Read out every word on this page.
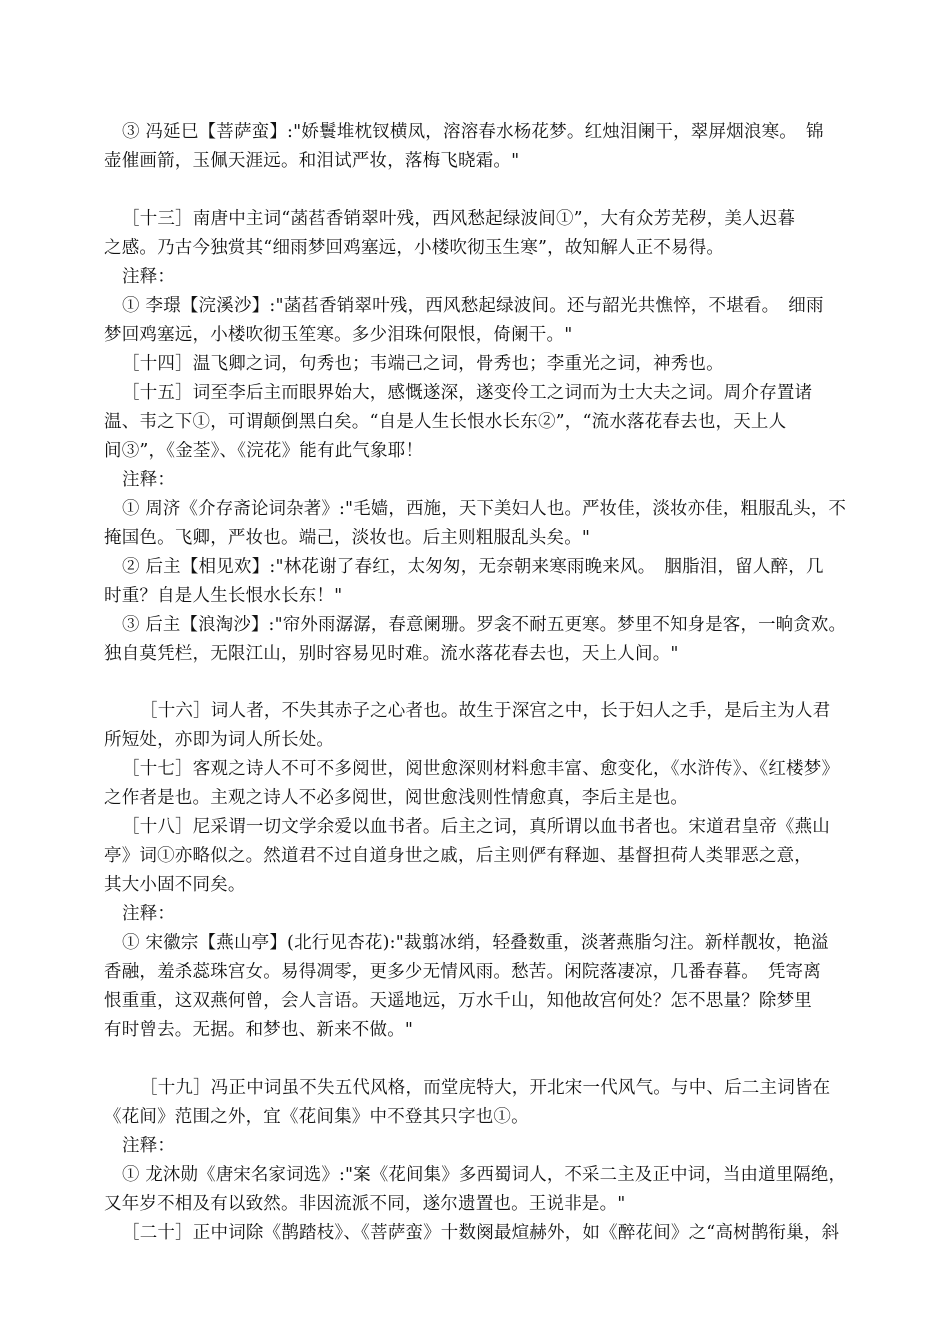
③ 冯延巳【菩萨蛮】:"娇鬟堆枕钗横凤，溶溶春水杨花梦。红烛泪阑干，翠屏烟浪寒。　锦
壶催画箭，玉佩天涯远。和泪试严妆，落梅飞晓霜。"
［十三］南唐中主词“菡萏香销翠叶残，西风愁起绿波间①”，大有众芳芜秽，美人迟暮
之感。乃古今独赏其“细雨梦回鸡塞远，小楼吹彻玉生寒”，故知解人正不易得。
注释：
① 李璟【浣溪沙】:"菡萏香销翠叶残，西风愁起绿波间。还与韶光共憔悴，不堪看。　细雨
梦回鸡塞远，小楼吹彻玉笙寒。多少泪珠何限恨，倚阑干。"
［十四］温飞卿之词，句秀也；韦端己之词，骨秀也；李重光之词，神秀也。
［十五］词至李后主而眼界始大，感慨遂深，遂变伶工之词而为士大夫之词。周介存置诸
温、韦之下①，可谓颠倒黑白矣。“自是人生长恨水长东②”，“流水落花春去也，天上人
间③”，《金荃》、《浣花》能有此气象耶！
注释：
① 周济《介存斋论词杂著》:"毛嫱，西施，天下美妇人也。严妆佳，淡妆亦佳，粗服乱头，不
掩国色。飞卿，严妆也。端己，淡妆也。后主则粗服乱头矣。"
② 后主【相见欢】:"林花谢了春红，太匆匆，无奈朝来寒雨晚来风。　胭脂泪，留人醉，几
时重？自是人生长恨水长东！"
③ 后主【浪淘沙】:"帘外雨潺潺，春意阑珊。罗衾不耐五更寒。梦里不知身是客，一晌贪欢。
独自莫凭栏，无限江山，别时容易见时难。流水落花春去也，天上人间。"
［十六］词人者，不失其赤子之心者也。故生于深宫之中，长于妇人之手，是后主为人君
所短处，亦即为词人所长处。
［十七］客观之诗人不可不多阅世，阅世愈深则材料愈丰富、愈变化，《水浒传》、《红楼梦》
之作者是也。主观之诗人不必多阅世，阅世愈浅则性情愈真，李后主是也。
［十八］尼采谓一切文学余爱以血书者。后主之词，真所谓以血书者也。宋道君皇帝《燕山
亭》词①亦略似之。然道君不过自道身世之戚，后主则俨有释迦、基督担荷人类罪恶之意，
其大小固不同矣。
注释：
① 宋徽宗【燕山亭】(北行见杏花):"裁翦冰绡，轻叠数重，淡著燕脂匀注。新样靓妆，艳溢
香融，羞杀蕊珠宫女。易得凋零，更多少无情风雨。愁苦。闲院落凄凉，几番春暮。　凭寄离
恨重重，这双燕何曾，会人言语。天遥地远，万水千山，知他故宫何处？怎不思量？除梦里
有时曾去。无据。和梦也、新来不做。"
［十九］冯正中词虽不失五代风格，而堂庑特大，开北宋一代风气。与中、后二主词皆在
《花间》范围之外，宜《花间集》中不登其只字也①。
注释：
① 龙沐勋《唐宋名家词选》:"案《花间集》多西蜀词人，不采二主及正中词，当由道里隔绝，
又年岁不相及有以致然。非因流派不同，遂尔遗置也。王说非是。"
［二十］正中词除《鹊踏枝》、《菩萨蛮》十数阕最煊赫外，如《醉花间》之“高树鹊衔巢，斜
